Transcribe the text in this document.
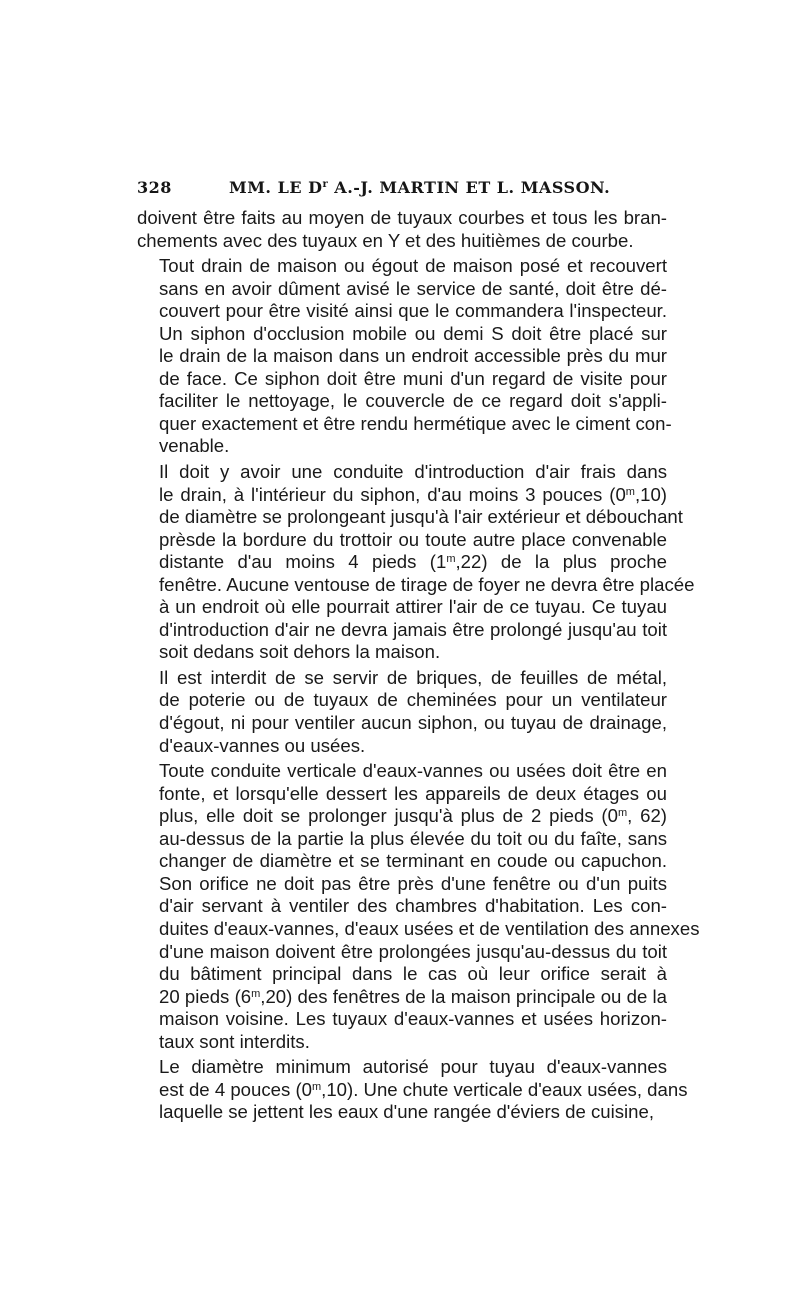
328	MM. LE $D^r$ A.-J. MARTIN ET L. MASSON.

doivent être faits au moyen de tuyaux courbes et tous les bran-
chements avec des tuyaux en Y et des huitièmes de courbe.

Tout drain de maison ou égout de maison posé et recouvert
sans en avoir dûment avisé le service de santé, doit être dé-
couvert pour être visité ainsi que le commandera l'inspecteur.
Un siphon d'occlusion mobile ou demi S doit être placé sur
le drain de la maison dans un endroit accessible près du mur
de face. Ce siphon doit être muni d'un regard de visite pour
faciliter le nettoyage, le couvercle de ce regard doit s'appli-
quer exactement et être rendu hermétique avec le ciment con-
venable.

Il doit y avoir une conduite d'introduction d'air frais dans
le drain, à l'intérieur du siphon, d'au moins 3 pouces (0$^m$,10)
de diamètre se prolongeant jusqu'à l'air extérieur et débouchant
prèsde la bordure du trottoir ou toute autre place convenable
distante d'au moins 4 pieds (1$^m$,22) de la plus proche
fenêtre. Aucune ventouse de tirage de foyer ne devra être placée
à un endroit où elle pourrait attirer l'air de ce tuyau. Ce tuyau
d'introduction d'air ne devra jamais être prolongé jusqu'au toit
soit dedans soit dehors la maison.

Il est interdit de se servir de briques, de feuilles de métal,
de poterie ou de tuyaux de cheminées pour un ventilateur
d'égout, ni pour ventiler aucun siphon, ou tuyau de drainage,
d'eaux-vannes ou usées.

Toute conduite verticale d'eaux-vannes ou usées doit être en
fonte, et lorsqu'elle dessert les appareils de deux étages ou
plus, elle doit se prolonger jusqu'à plus de 2 pieds (0$^m$, 62)
au-dessus de la partie la plus élevée du toit ou du faîte, sans
changer de diamètre et se terminant en coude ou capuchon.
Son orifice ne doit pas être près d'une fenêtre ou d'un puits
d'air servant à ventiler des chambres d'habitation. Les con-
duites d'eaux-vannes, d'eaux usées et de ventilation des annexes
d'une maison doivent être prolongées jusqu'au-dessus du toit
du bâtiment principal dans le cas où leur orifice serait à
20 pieds (6$^m$,20) des fenêtres de la maison principale ou de la
maison voisine. Les tuyaux d'eaux-vannes et usées horizon-
taux sont interdits.

Le diamètre minimum autorisé pour tuyau d'eaux-vannes
est de 4 pouces (0$^m$,10). Une chute verticale d'eaux usées, dans
laquelle se jettent les eaux d'une rangée d'éviers de cuisine,
